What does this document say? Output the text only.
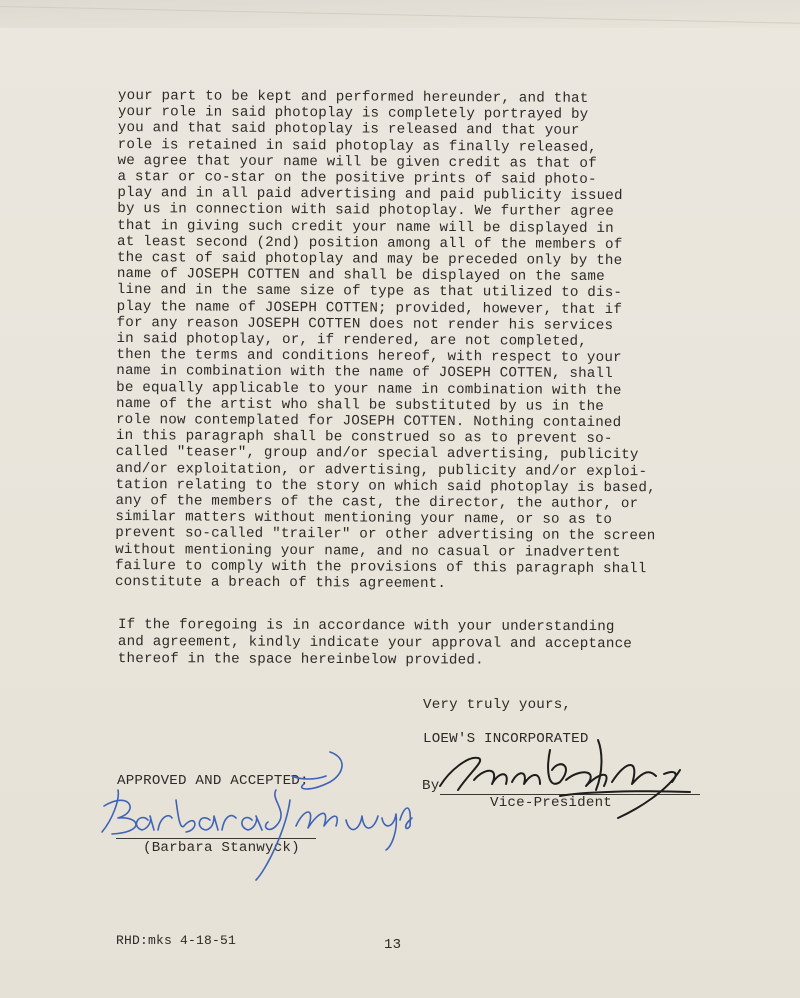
your part to be kept and performed hereunder, and that
your role in said photoplay is completely portrayed by
you and that said photoplay is released and that your
role is retained in said photoplay as finally released,
we agree that your name will be given credit as that of
a star or co-star on the positive prints of said photo-
play and in all paid advertising and paid publicity issued
by us in connection with said photoplay. We further agree
that in giving such credit your name will be displayed in
at least second (2nd) position among all of the members of
the cast of said photoplay and may be preceded only by the
name of JOSEPH COTTEN and shall be displayed on the same
line and in the same size of type as that utilized to dis-
play the name of JOSEPH COTTEN; provided, however, that if
for any reason JOSEPH COTTEN does not render his services
in said photoplay, or, if rendered, are not completed,
then the terms and conditions hereof, with respect to your
name in combination with the name of JOSEPH COTTEN, shall
be equally applicable to your name in combination with the
name of the artist who shall be substituted by us in the
role now contemplated for JOSEPH COTTEN. Nothing contained
in this paragraph shall be construed so as to prevent so-
called "teaser", group and/or special advertising, publicity
and/or exploitation, or advertising, publicity and/or exploi-
tation relating to the story on which said photoplay is based,
any of the members of the cast, the director, the author, or
similar matters without mentioning your name, or so as to
prevent so-called "trailer" or other advertising on the screen
without mentioning your name, and no casual or inadvertent
failure to comply with the provisions of this paragraph shall
constitute a breach of this agreement.
If the foregoing is in accordance with your understanding
and agreement, kindly indicate your approval and acceptance
thereof in the space hereinbelow provided.
Very truly yours,
LOEW'S INCORPORATED
By
Vice-President
APPROVED AND ACCEPTED:
(Barbara Stanwyck)
RHD:mks 4-18-51	13
